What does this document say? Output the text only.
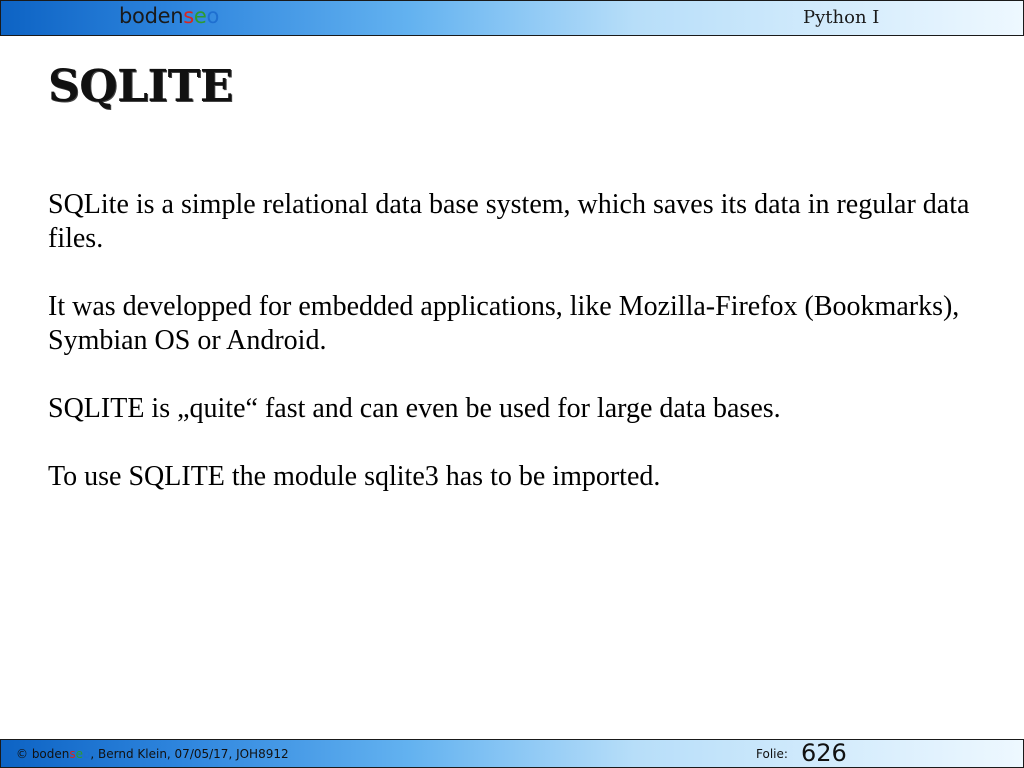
bodenseo	Python I
SQLITE

SQLite is a simple relational data base system, which saves its data in regular data files.

It was developped for embedded applications, like Mozilla-Firefox (Bookmarks), Symbian OS or Android.

SQLITE is „quite“ fast and can even be used for large data bases.

To use SQLITE the module sqlite3 has to be imported.

© bodenseo, Bernd Klein, 07/05/17, JOH8912	Folie: 626
